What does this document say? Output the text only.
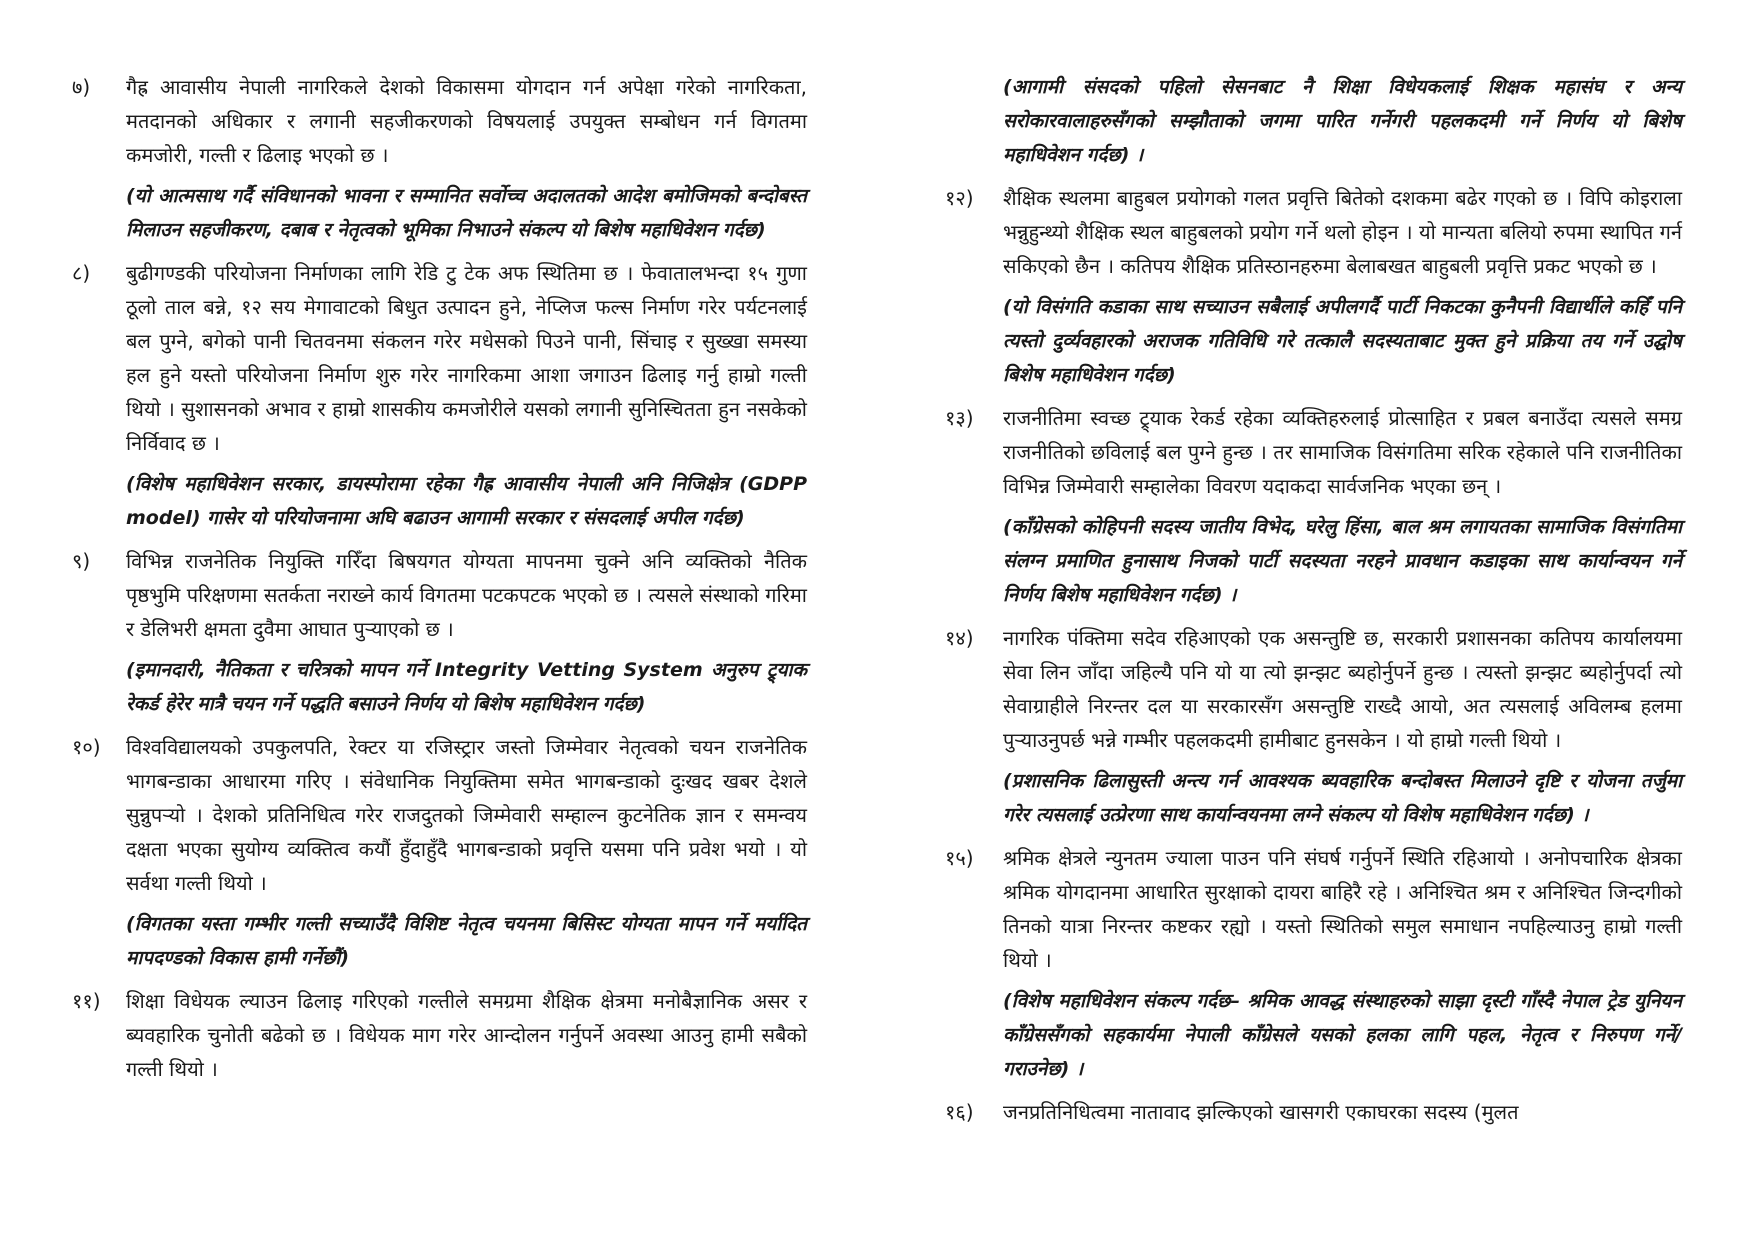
७)	गैह्र आवासीय नेपाली नागरिकले देशको विकासमा योगदान गर्न अपेक्षा गरेको नागरिकता, मतदानको अधिकार र लगानी सहजीकरणको विषयलाई उपयुक्त सम्बोधन गर्न विगतमा कमजोरी, गल्ती र ढिलाइ भएको छ ।

(यो आत्मसाथ गर्दै संविधानको भावना र सम्मानित सर्वोच्च अदालतको आदेश बमोजिमको बन्दोबस्त मिलाउन सहजीकरण, दबाब र नेतृत्वको भूमिका निभाउने संकल्प यो बिशेष महाधिवेशन गर्दछ)

८)	बुढीगण्डकी परियोजना निर्माणका लागि रेडि टु टेक अफ स्थितिमा छ । फेवातालभन्दा १५ गुणा ठूलो ताल बन्ने, १२ सय मेगावाटको बिधुत उत्पादन हुने, नेप्लिज फल्स निर्माण गरेर पर्यटनलाई बल पुग्ने, बगेको पानी चितवनमा संकलन गरेर मधेसको पिउने पानी, सिंचाइ र सुख्खा समस्या हल हुने यस्तो परियोजना निर्माण शुरु गरेर नागरिकमा आशा जगाउन ढिलाइ गर्नु हाम्रो गल्ती थियो । सुशासनको अभाव र हाम्रो शासकीय कमजोरीले यसको लगानी सुनिस्चितता हुन नसकेको निर्विवाद छ ।

(विशेष महाधिवेशन सरकार, डायस्पोरामा रहेका गैह्र आवासीय नेपाली अनि निजिक्षेत्र (GDPP model) गासेर यो परियोजनामा अघि बढाउन आगामी सरकार र संसदलाई अपील गर्दछ)

९)	विभिन्न राजनेतिक नियुक्ति गरिँदा बिषयगत योग्यता मापनमा चुक्ने अनि व्यक्तिको नैतिक पृष्ठभुमि परिक्षणमा सतर्कता नराख्ने कार्य विगतमा पटकपटक भएको छ । त्यसले संस्थाको गरिमा र डेलिभरी क्षमता दुवैमा आघात पुऱ्याएको छ ।

(इमानदारी, नैतिकता र चरित्रको मापन गर्ने Integrity Vetting System अनुरुप ट्र्याक रेकर्ड हेरेर मात्रै चयन गर्ने पद्धति बसाउने निर्णय यो बिशेष महाधिवेशन गर्दछ)

१०)	विश्वविद्यालयको उपकुलपति, रेक्टर या रजिस्ट्रार जस्तो जिम्मेवार नेतृत्वको चयन राजनेतिक भागबन्डाका आधारमा गरिए । संवेधानिक नियुक्तिमा समेत भागबन्डाको दुःखद खबर देशले सुन्नुपऱ्यो । देशको प्रतिनिधित्व गरेर राजदुतको जिम्मेवारी सम्हाल्न कुटनेतिक ज्ञान र समन्वय दक्षता भएका सुयोग्य व्यक्तित्व कयौं हुँदाहुँदै भागबन्डाको प्रवृत्ति यसमा पनि प्रवेश भयो । यो सर्वथा गल्ती थियो ।

(विगतका यस्ता गम्भीर गल्ती सच्याउँदै विशिष्ट नेतृत्व चयनमा बिसिस्ट योग्यता मापन गर्ने मर्यादित मापदण्डको विकास हामी गर्नेछौं)

११)	शिक्षा विधेयक ल्याउन ढिलाइ गरिएको गल्तीले समग्रमा शैक्षिक क्षेत्रमा मनोबैज्ञानिक असर र ब्यवहारिक चुनोती बढेको छ । विधेयक माग गरेर आन्दोलन गर्नुपर्ने अवस्था आउनु हामी सबैको गल्ती थियो ।

(आगामी संसदको पहिलो सेसनबाट नै शिक्षा विधेयकलाई शिक्षक महासंघ र अन्य सरोकारवालाहरुसँगको सम्झौताको जगमा पारित गर्नेगरी पहलकदमी गर्ने निर्णय यो बिशेष महाधिवेशन गर्दछ) ।

१२)	शैक्षिक स्थलमा बाहुबल प्रयोगको गलत प्रवृत्ति बितेको दशकमा बढेर गएको छ । विपि कोइराला भन्नुहुन्थ्यो शैक्षिक स्थल बाहुबलको प्रयोग गर्ने थलो होइन । यो मान्यता बलियो रुपमा स्थापित गर्न सकिएको छैन । कतिपय शैक्षिक प्रतिस्ठानहरुमा बेलाबखत बाहुबली प्रवृत्ति प्रकट भएको छ ।

(यो विसंगति कडाका साथ सच्याउन सबैलाई अपीलगर्दै पार्टी निकटका कुनैपनी विद्यार्थीले कहिँ पनि त्यस्तो दुर्व्यवहारको अराजक गतिविधि गरे तत्कालै सदस्यताबाट मुक्त हुने प्रक्रिया तय गर्ने उद्घोष बिशेष महाधिवेशन गर्दछ)

१३)	राजनीतिमा स्वच्छ ट्र्याक रेकर्ड रहेका व्यक्तिहरुलाई प्रोत्साहित र प्रबल बनाउँदा त्यसले समग्र राजनीतिको छविलाई बल पुग्ने हुन्छ । तर सामाजिक विसंगतिमा सरिक रहेकाले पनि राजनीतिका विभिन्न जिम्मेवारी सम्हालेका विवरण यदाकदा सार्वजनिक भएका छन् ।

(कॉंग्रेसको कोहिपनी सदस्य जातीय विभेद, घरेलु हिंसा, बाल श्रम लगायतका सामाजिक विसंगतिमा संलग्न प्रमाणित हुनासाथ निजको पार्टी सदस्यता नरहने प्रावधान कडाइका साथ कार्यान्वयन गर्ने निर्णय बिशेष महाधिवेशन गर्दछ) ।

१४)	नागरिक पंक्तिमा सदेव रहिआएको एक असन्तुष्टि छ, सरकारी प्रशासनका कतिपय कार्यालयमा सेवा लिन जाँदा जहिल्यै पनि यो या त्यो झन्झट ब्यहोर्नुपर्ने हुन्छ । त्यस्तो झन्झट ब्यहोर्नुपर्दा त्यो सेवाग्राहीले निरन्तर दल या सरकारसँग असन्तुष्टि राख्दै आयो, अत त्यसलाई अविलम्ब हलमा पुऱ्याउनुपर्छ भन्ने गम्भीर पहलकदमी हामीबाट हुनसकेन । यो हाम्रो गल्ती थियो ।

(प्रशासनिक ढिलासुस्ती अन्त्य गर्न आवश्यक ब्यवहारिक बन्दोबस्त मिलाउने दृष्टि र योजना तर्जुमा गरेर त्यसलाई उत्प्रेरणा साथ कार्यान्वयनमा लग्ने संकल्प यो विशेष महाधिवेशन गर्दछ) ।

१५)	श्रमिक क्षेत्रले न्युनतम ज्याला पाउन पनि संघर्ष गर्नुपर्ने स्थिति रहिआयो । अनोपचारिक क्षेत्रका श्रमिक योगदानमा आधारित सुरक्षाको दायरा बाहिरै रहे । अनिश्चित श्रम र अनिश्चित जिन्दगीको तिनको यात्रा निरन्तर कष्टकर रह्यो । यस्तो स्थितिको समुल समाधान नपहिल्याउनु हाम्रो गल्ती थियो ।

(विशेष महाधिवेशन संकल्प गर्दछ– श्रमिक आवद्ध संस्थाहरुको साझा दृस्टी गाँस्दै नेपाल ट्रेड युनियन कॉंग्रेससँगको सहकार्यमा नेपाली कॉंग्रेसले यसको हलका लागि पहल, नेतृत्व र निरुपण गर्ने/गराउनेछ) ।

१६)	जनप्रतिनिधित्वमा नातावाद झल्किएको खासगरी एकाघरका सदस्य (मुलत
